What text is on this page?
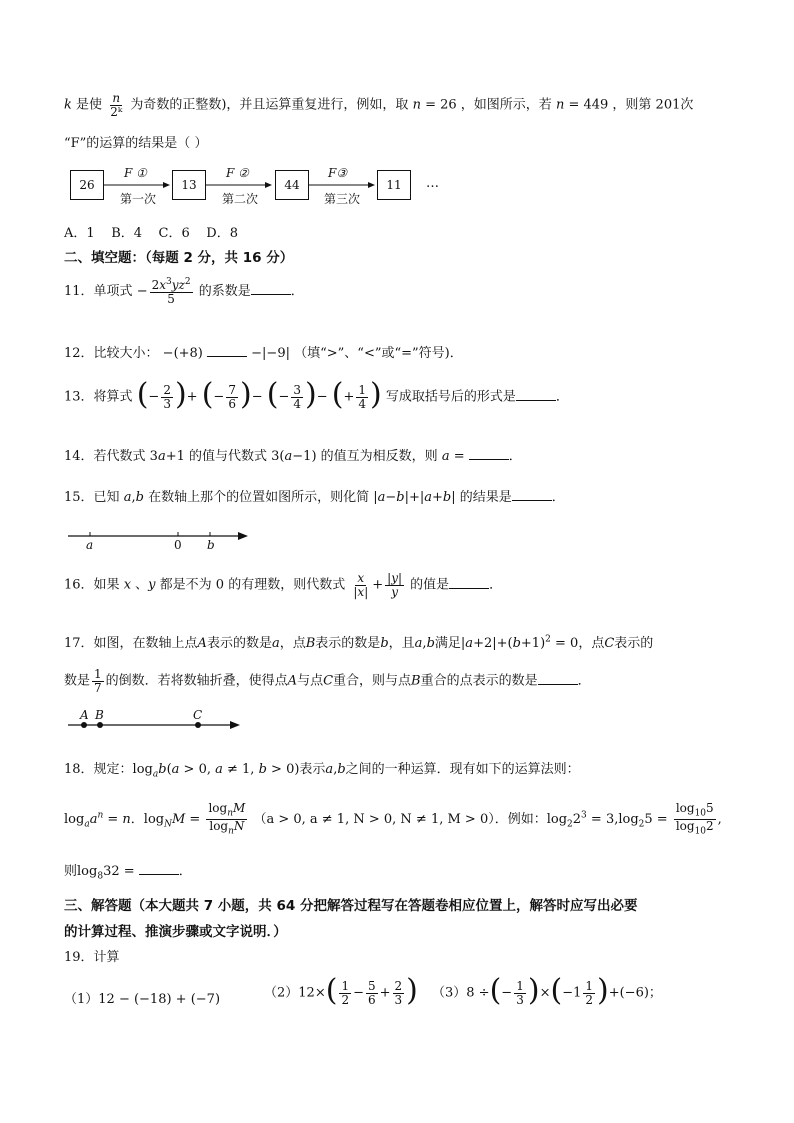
k 是使 $\frac{n}{\text{2ᵏ}}$ 为奇数的正整数)，并且运算重复进行，例如，取 n = 26 ，如图所示，若 n = 449 ，则第 201次
“F”的运算的结果是（ ）
26	13	44	11
F ①	F ②	F③
第一次	第二次	第三次
…
A．1    B．4    C．6    D．8
二、填空题：（每题 2 分，共 16 分）
11．单项式 − $\frac{2x^3yz^2}{5}$ 的系数是	．
12．比较大小： −(+8)	−|−9| （填“>”、“<”或“=”符号)．
13．将算式 (− $\frac{2}{3}$ )+ (− $\frac{7}{6}$ )− (− $\frac{3}{4}$ )− (+ $\frac{1}{4}$ ) 写成取括号后的形式是	．
14．若代数式 3a+1 的值与代数式 3(a−1) 的值互为相反数，则 a =	．
15．已知 a,b 在数轴上那个的位置如图所示，则化简 |a−b|+|a+b| 的结果是	．
a	0 b
16．如果 x 、y 都是不为 0 的有理数，则代数式 $\frac{x}{|x|} + \frac{|y|}{y}$ 的值是	．
17．如图，在数轴上点A表示的数是a，点B表示的数是b，且a,b满足$|a+2|+(b+1)^2 = 0$，点C表示的
数是 $\frac{1}{7}$ 的倒数．若将数轴折叠，使得点A与点C重合，则与点B重合的点表示的数是	．
A B	C
18．规定：$\log_ab(a > 0$, a ≠ 1, b > 0)表示a,b之间的一种运算．现有如下的运算法则：
$\log_aa^n = n$．$\log_NM = \frac{\log_nM}{\log_nN} (a > 0$, a ≠ 1, N > 0, N ≠ 1, M > 0）．例如：$\log_22^3 = 3,\log_25 = \frac{\log_{10}5}{\log_{10}2}$ ,
则$\log_832$ =	．
三、解答题（本大题共 7 小题，共 64 分把解答过程写在答题卷相应位置上，解答时应写出必要
的计算过程、推演步骤或文字说明．）
19．计算
（1）12 − (−18) + (−7)	$(2)12\times( \frac{1}{2} - \frac{5}{6} + \frac{2}{3}$ ) （3）8 ÷(− $\frac{1}{3} )\times(-1 \frac{1}{2} )+(-6)$；
